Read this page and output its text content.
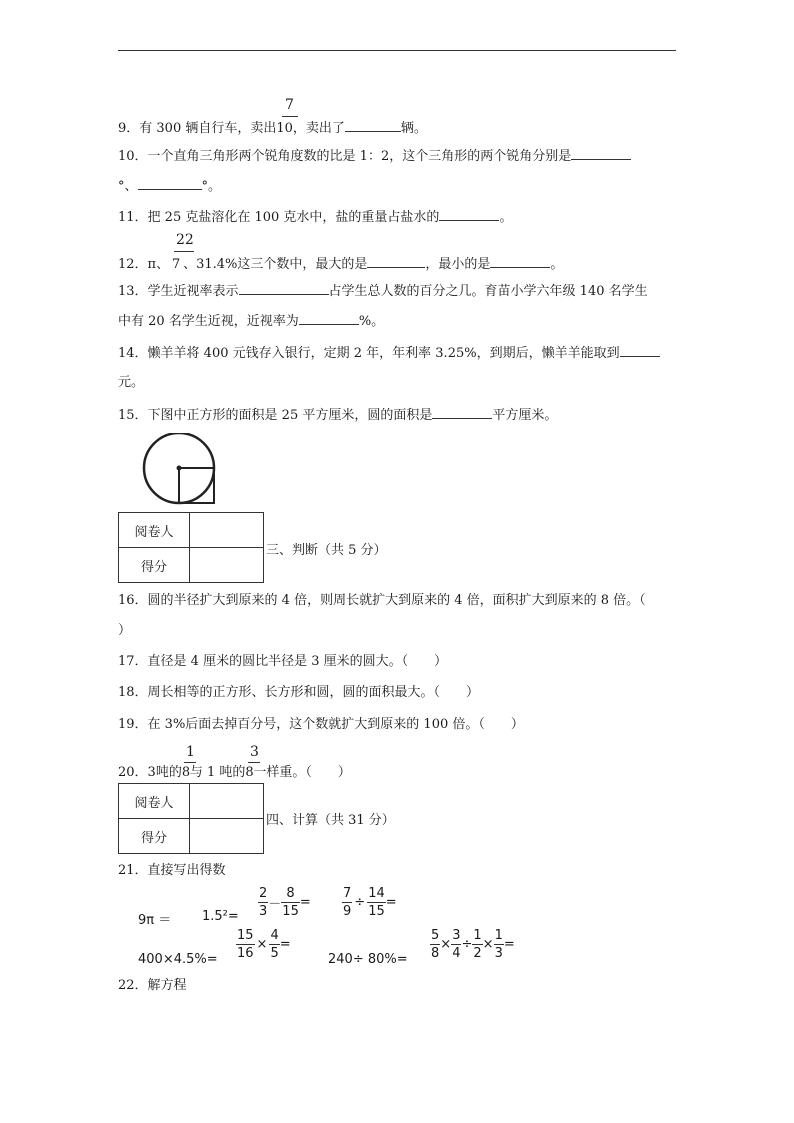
7
9．有 300 辆自行车，卖出10，卖出了	辆。
10．一个直角三角形两个锐角度数的比是 1：2，这个三角形的两个锐角分别是
°、	°。
11．把 25 克盐溶化在 100 克水中，盐的重量占盐水的	。
22
12．π、 7 、31.4%这三个数中，最大的是	，最小的是	。
13．学生近视率表示	占学生总人数的百分之几。育苗小学六年级 140 名学生
中有 20 名学生近视，近视率为	%。
14．懒羊羊将 400 元钱存入银行，定期 2 年，年利率 3.25%，到期后，懒羊羊能取到
元。
15．下图中正方形的面积是 25 平方厘米，圆的面积是	平方厘米。
阅卷人	
得分	
三、判断（共 5 分）
16．圆的半径扩大到原来的 4 倍，则周长就扩大到原来的 4 倍，面积扩大到原来的 8 倍。（
）
17．直径是 4 厘米的圆比半径是 3 厘米的圆大。（　　）
18．周长相等的正方形、长方形和圆，圆的面积最大。（　　）
19．在 3%后面去掉百分号，这个数就扩大到原来的 100 倍。（　　）
1	3
20．3吨的8与 1 吨的8一样重。（　　）
阅卷人	
得分	
四、计算（共 31 分）
21．直接写出得数
$9\pi = 1.5^2= \frac{2}{3} - \frac{8}{15} = \frac{7}{9} \div \frac{14}{15}$ =
$400\times 4.5\%= \frac{15}{16} \times \frac{4}{5}$ =
$240\div 80\%= \frac{5}{8} \times \frac{3}{4} \div \frac{1}{2} \times \frac{1}{3}$ =
22．解方程
